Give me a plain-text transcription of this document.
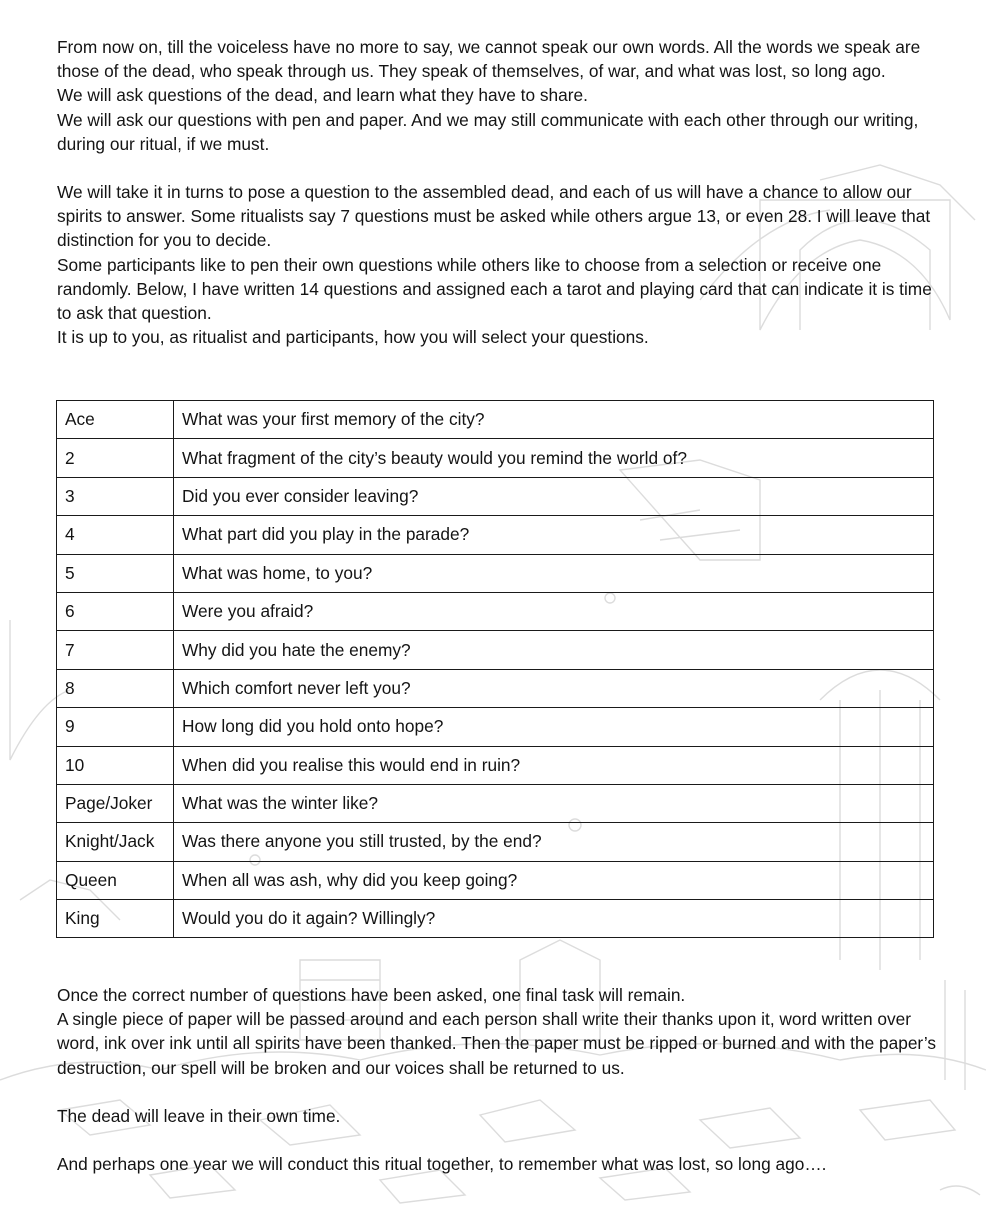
From now on, till the voiceless have no more to say, we cannot speak our own words. All the words we speak are those of the dead, who speak through us. They speak of themselves, of war, and what was lost, so long ago.

We will ask questions of the dead, and learn what they have to share.

We will ask our questions with pen and paper. And we may still communicate with each other through our writing, during our ritual, if we must.

We will take it in turns to pose a question to the assembled dead, and each of us will have a chance to allow our spirits to answer. Some ritualists say 7 questions must be asked while others argue 13, or even 28. I will leave that distinction for you to decide.

Some participants like to pen their own questions while others like to choose from a selection or receive one randomly. Below, I have written 14 questions and assigned each a tarot and playing card that can indicate it is time to ask that question.

It is up to you, as ritualist and participants, how you will select your questions.

Ace	What was your first memory of the city?
2	What fragment of the city’s beauty would you remind the world of?
3	Did you ever consider leaving?
4	What part did you play in the parade?
5	What was home, to you?
6	Were you afraid?
7	Why did you hate the enemy?
8	Which comfort never left you?
9	How long did you hold onto hope?
10	When did you realise this would end in ruin?
Page/Joker	What was the winter like?
Knight/Jack	Was there anyone you still trusted, by the end?
Queen	When all was ash, why did you keep going?
King	Would you do it again? Willingly?

Once the correct number of questions have been asked, one final task will remain.

A single piece of paper will be passed around and each person shall write their thanks upon it, word written over word, ink over ink until all spirits have been thanked. Then the paper must be ripped or burned and with the paper’s destruction, our spell will be broken and our voices shall be returned to us.

The dead will leave in their own time.

And perhaps one year we will conduct this ritual together, to remember what was lost, so long ago….
